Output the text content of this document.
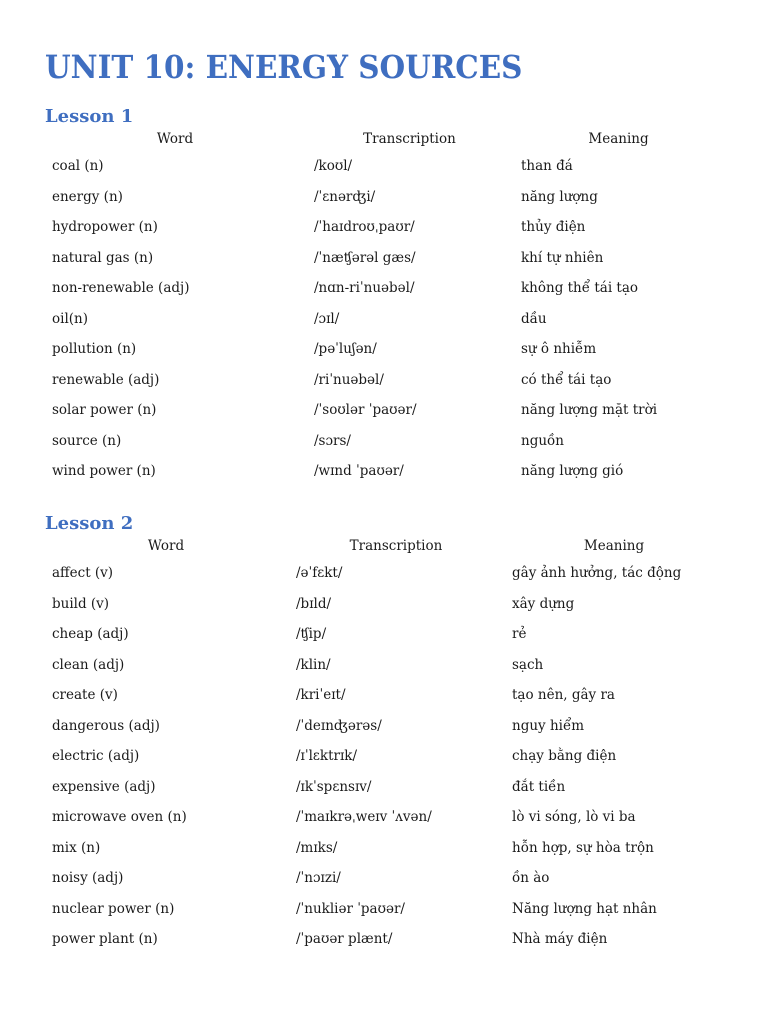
UNIT 10: ENERGY SOURCES
Lesson 1
Word	Transcription	Meaning
coal (n)	/koʊl/	than đá
energy (n)	/ˈɛnərʤi/	năng lượng
hydropower (n)	/ˈhaɪdroʊˌpaʊr/	thủy điện
natural gas (n)	/ˈnæʧərəl gæs/	khí tự nhiên
non-renewable (adj)	/nɑn-riˈnuəbəl/	không thể tái tạo
oil(n)	/ɔɪl/	dầu
pollution (n)	/pəˈluʃən/	sự ô nhiễm
renewable (adj)	/riˈnuəbəl/	có thể tái tạo
solar power (n)	/ˈsoʊlər ˈpaʊər/	năng lượng mặt trời
source (n)	/sɔrs/	nguồn
wind power (n)	/wɪnd ˈpaʊər/	năng lượng gió
Lesson 2
Word	Transcription	Meaning
affect (v)	/əˈfɛkt/	gây ảnh hưởng, tác động
build (v)	/bɪld/	xây dựng
cheap (adj)	/ʧip/	rẻ
clean (adj)	/klin/	sạch
create (v)	/kriˈeɪt/	tạo nên, gây ra
dangerous (adj)	/ˈdeɪnʤərəs/	nguy hiểm
electric (adj)	/ɪˈlɛktrɪk/	chạy bằng điện
expensive (adj)	/ɪkˈspɛnsɪv/	đắt tiền
microwave oven (n)	/ˈmaɪkrəˌweɪv ˈʌvən/	lò vi sóng, lò vi ba
mix (n)	/mɪks/	hỗn hợp, sự hòa trộn
noisy (adj)	/ˈnɔɪzi/	ồn ào
nuclear power (n)	/ˈnukliər ˈpaʊər/	Năng lượng hạt nhân
power plant (n)	/ˈpaʊər plænt/	Nhà máy điện
